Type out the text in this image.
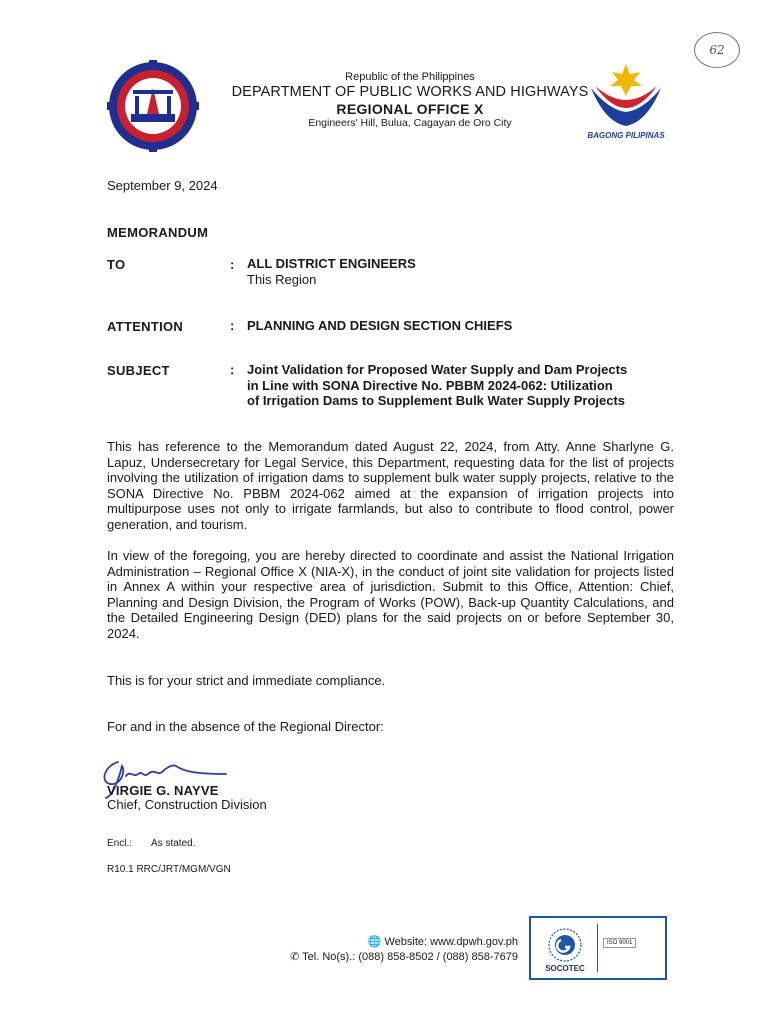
Republic of the Philippines
DEPARTMENT OF PUBLIC WORKS AND HIGHWAYS
REGIONAL OFFICE X
Engineers' Hill, Bulua, Cagayan de Oro City
BAGONG PILIPINAS
62
September 9, 2024
MEMORANDUM
TO	: ALL DISTRICT ENGINEERS
This Region
ATTENTION	: PLANNING AND DESIGN SECTION CHIEFS
SUBJECT	: Joint Validation for Proposed Water Supply and Dam Projects
in Line with SONA Directive No. PBBM 2024-062: Utilization
of Irrigation Dams to Supplement Bulk Water Supply Projects
This has reference to the Memorandum dated August 22, 2024, from Atty. Anne Sharlyne G. Lapuz, Undersecretary for Legal Service, this Department, requesting data for the list of projects involving the utilization of irrigation dams to supplement bulk water supply projects, relative to the SONA Directive No. PBBM 2024-062 aimed at the expansion of irrigation projects into multipurpose uses not only to irrigate farmlands, but also to contribute to flood control, power generation, and tourism.
In view of the foregoing, you are hereby directed to coordinate and assist the National Irrigation Administration – Regional Office X (NIA-X), in the conduct of joint site validation for projects listed in Annex A within your respective area of jurisdiction. Submit to this Office, Attention: Chief, Planning and Design Division, the Program of Works (POW), Back-up Quantity Calculations, and the Detailed Engineering Design (DED) plans for the said projects on or before September 30, 2024.
This is for your strict and immediate compliance.
For and in the absence of the Regional Director:
VIRGIE G. NAYVE
Chief, Construction Division
Encl.: As stated.
R10.1 RRC/JRT/MGM/VGN
🌐 Website: www.dpwh.gov.ph
✆ Tel. No(s).: (088) 858-8502 / (088) 858-7679
SOCOTEC
ISO 9001
